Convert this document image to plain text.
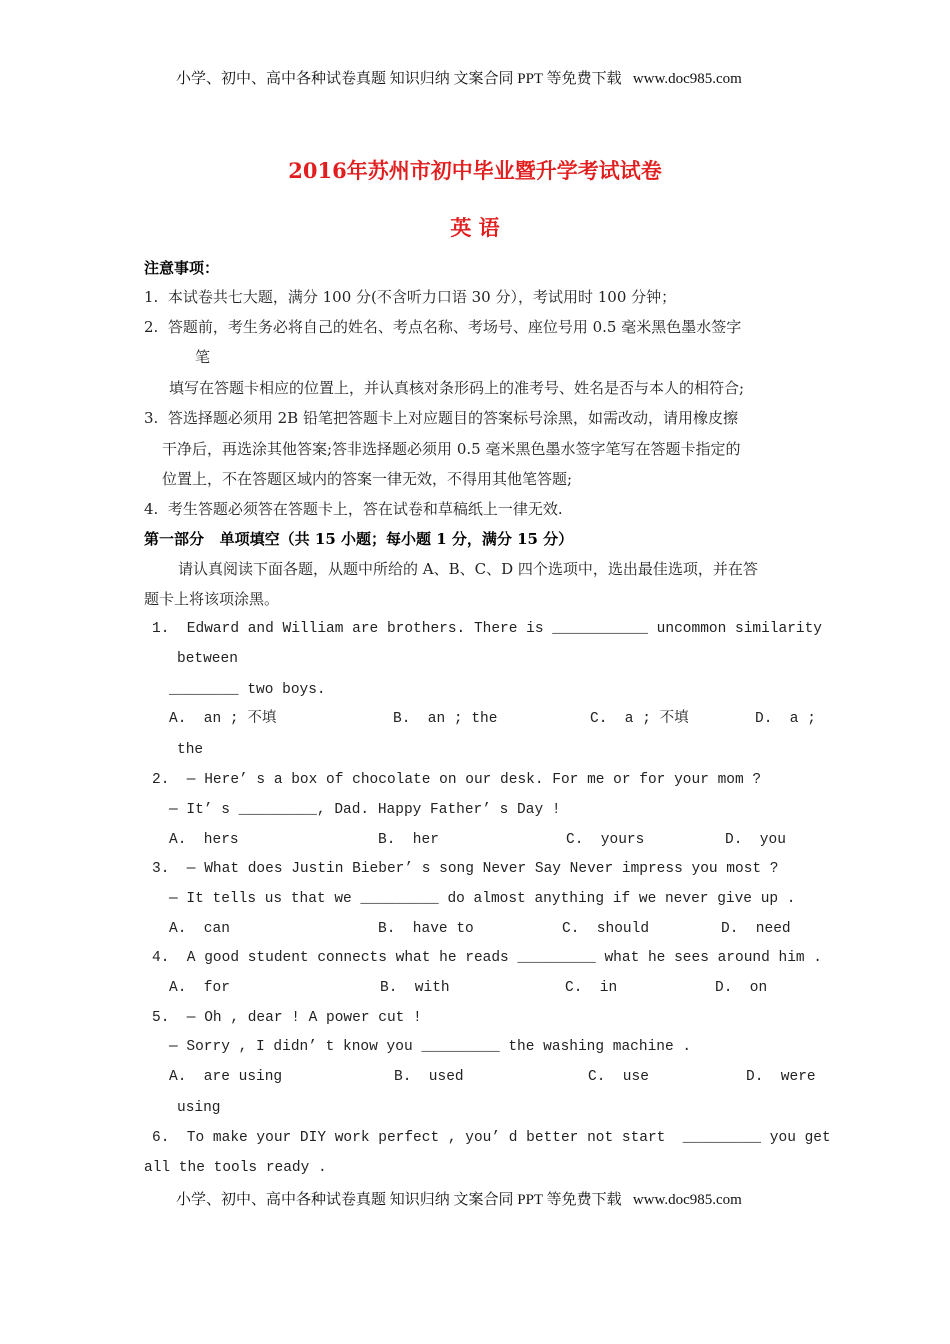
小学、初中、高中各种试卷真题 知识归纳 文案合同 PPT 等免费下载   www.doc985.com
2016年苏州市初中毕业暨升学考试试卷
英 语
注意事项：
1.  本试卷共七大题，满分 100 分(不含听力口语 30 分），考试用时 100 分钟；
2.  答题前，考生务必将自己的姓名、考点名称、考场号、座位号用 0.5 毫米黑色墨水签字
笔
填写在答题卡相应的位置上，并认真核对条形码上的准考号、姓名是否与本人的相符合;
3.  答选择题必须用 2B 铅笔把答题卡上对应题目的答案标号涂黑，如需改动，请用橡皮擦
干净后，再选涂其他答案;答非选择题必须用 0.5 毫米黑色墨水签字笔写在答题卡指定的
位置上，不在答题区域内的答案一律无效，不得用其他笔答题;
4.  考生答题必须答在答题卡上，答在试卷和草稿纸上一律无效.
第一部分   单项填空（共 15 小题；每小题 1 分，满分 15 分）
请认真阅读下面各题，从题中所给的 A、B、C、D 四个选项中，选出最佳选项，并在答
题卡上将该项涂黑。
1.  Edward and William are brothers. There is ___________ uncommon similarity
between
________ two boys.
A.  an ; 不填	B.  an ; the	C.  a ; 不填	D.  a ;
the
2.  — Here’ s a box of chocolate on our desk. For me or for your mom ?
— It’ s _________, Dad. Happy Father’ s Day !
A.  hers	B.  her	C.  yours	D.  you
3.  — What does Justin Bieber’ s song Never Say Never impress you most ?
— It tells us that we _________ do almost anything if we never give up .
A.  can	B.  have to	C.  should	D.  need
4.  A good student connects what he reads _________ what he sees around him .
A.  for	B.  with	C.  in	D.  on
5.  — Oh , dear ! A power cut !
— Sorry , I didn’ t know you _________ the washing machine .
A.  are using	B.  used	C.  use	D.  were
using
6.  To make your DIY work perfect , you’ d better not start  _________ you get
all the tools ready .
小学、初中、高中各种试卷真题 知识归纳 文案合同 PPT 等免费下载   www.doc985.com
